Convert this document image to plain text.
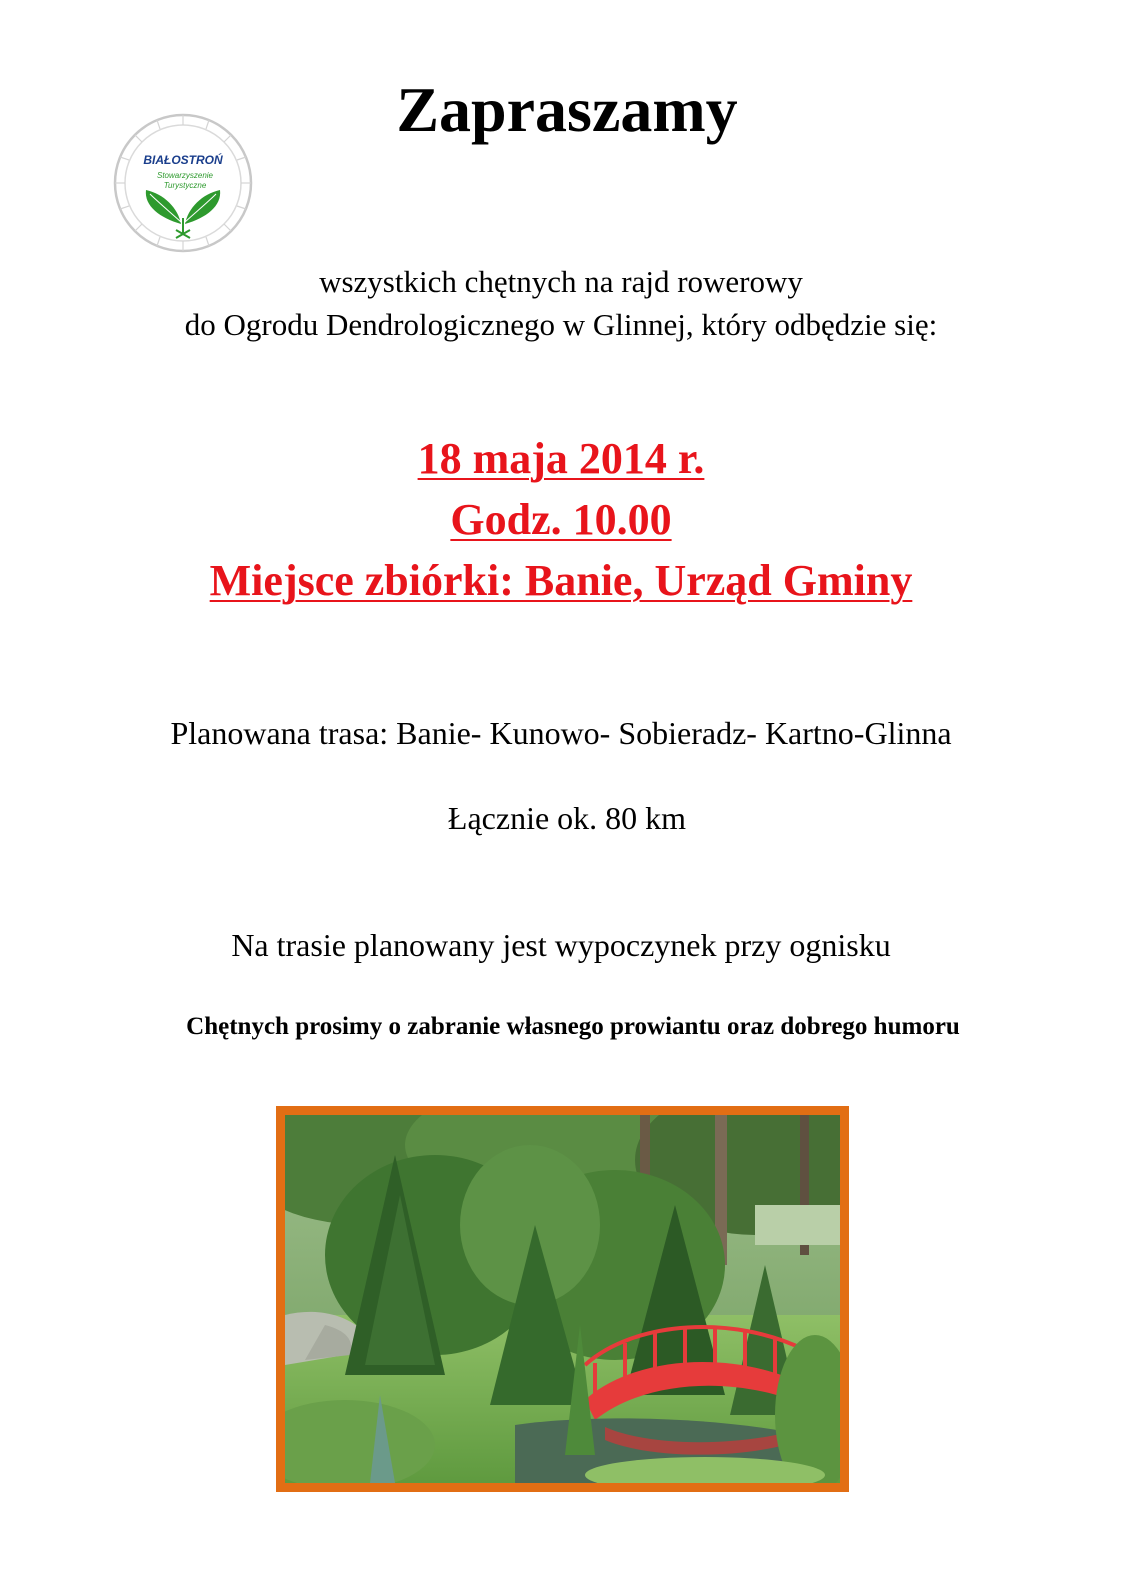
Zapraszamy
BIAŁOSTROŃ
Stowarzyszenie
Turystyczne
wszystkich chętnych na rajd rowerowy
do Ogrodu Dendrologicznego w Glinnej, który odbędzie się:
18 maja 2014 r.
Godz. 10.00
Miejsce zbiórki: Banie, Urząd Gminy
Planowana trasa: Banie- Kunowo- Sobieradz- Kartno-Glinna
Łącznie ok. 80 km
Na trasie planowany jest wypoczynek przy ognisku
Chętnych prosimy o zabranie własnego prowiantu oraz dobrego humoru
